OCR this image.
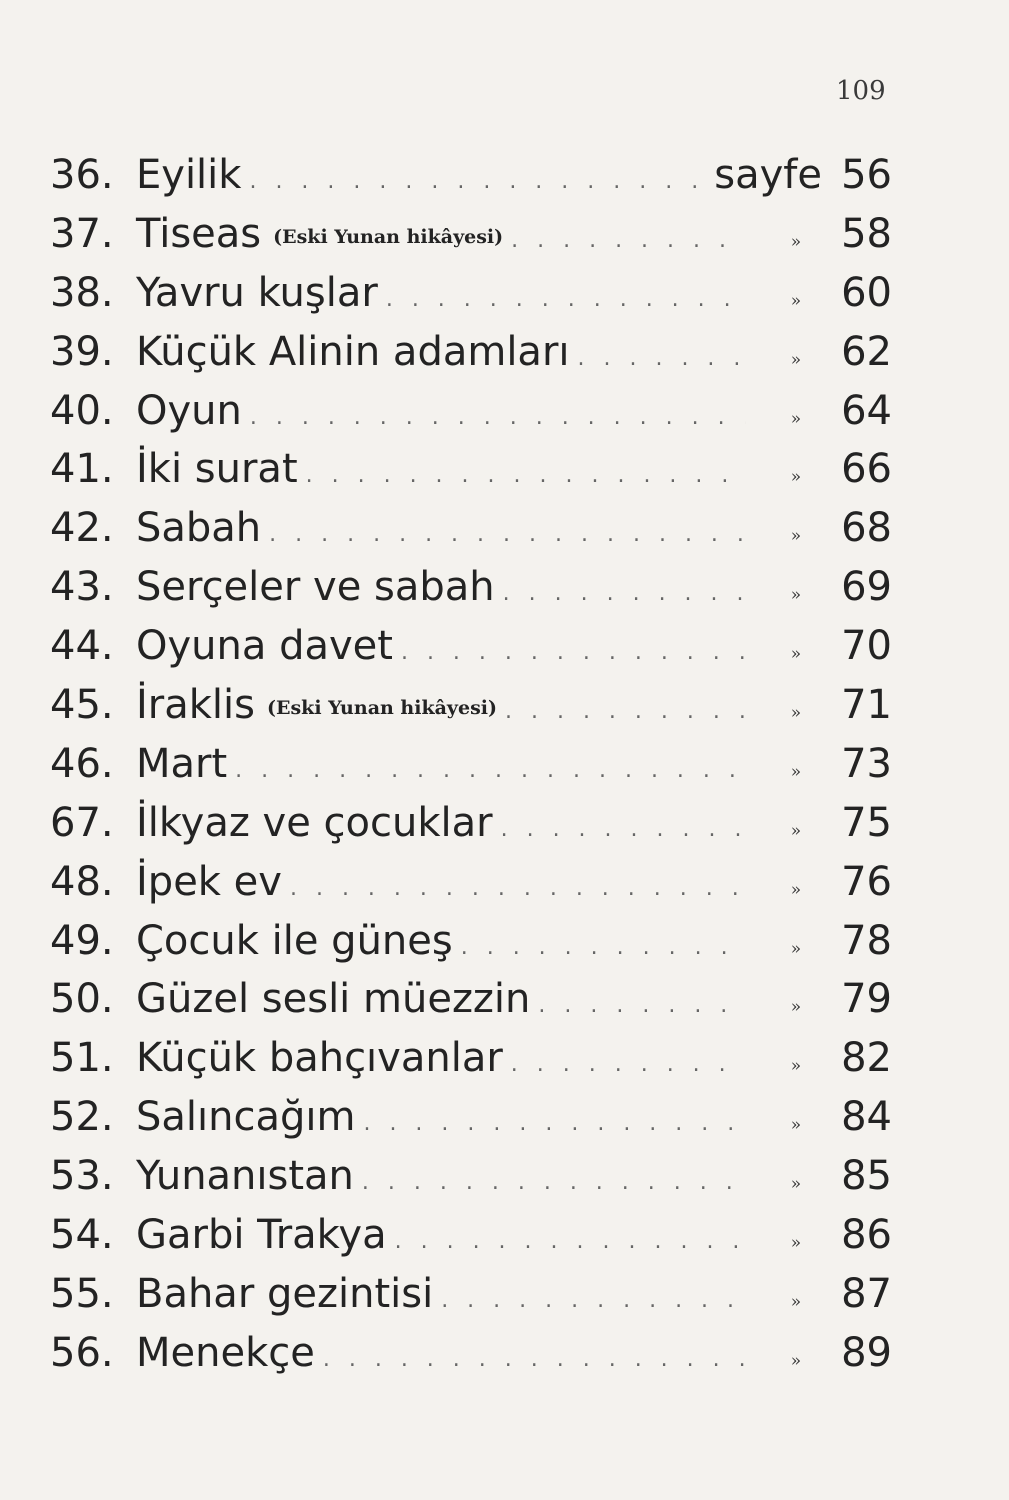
109
36. Eyilik . . .	sayfe 56
37. Tiseas (Eski Yunan hikâyesi) . . .	» 58
38. Yavru kuşlar . . .	» 60
39. Küçük Alinin adamları . . .	» 62
40. Oyun . . .	» 64
41. İki surat . . .	» 66
42. Sabah . . .	» 68
43. Serçeler ve sabah . . .	» 69
44. Oyuna davet . . .	» 70
45. İraklis (Eski Yunan hikâyesi) . . .	» 71
46. Mart . . .	» 73
67. İlkyaz ve çocuklar . . .	» 75
48. İpek ev . . .	» 76
49. Çocuk ile güneş . . .	» 78
50. Güzel sesli müezzin . . .	» 79
51. Küçük bahçıvanlar . . .	» 82
52. Salıncağım . . .	» 84
53. Yunanıstan . . .	» 85
54. Garbi Trakya . . .	» 86
55. Bahar gezintisi . . .	» 87
56. Menekçe . . .	» 89
